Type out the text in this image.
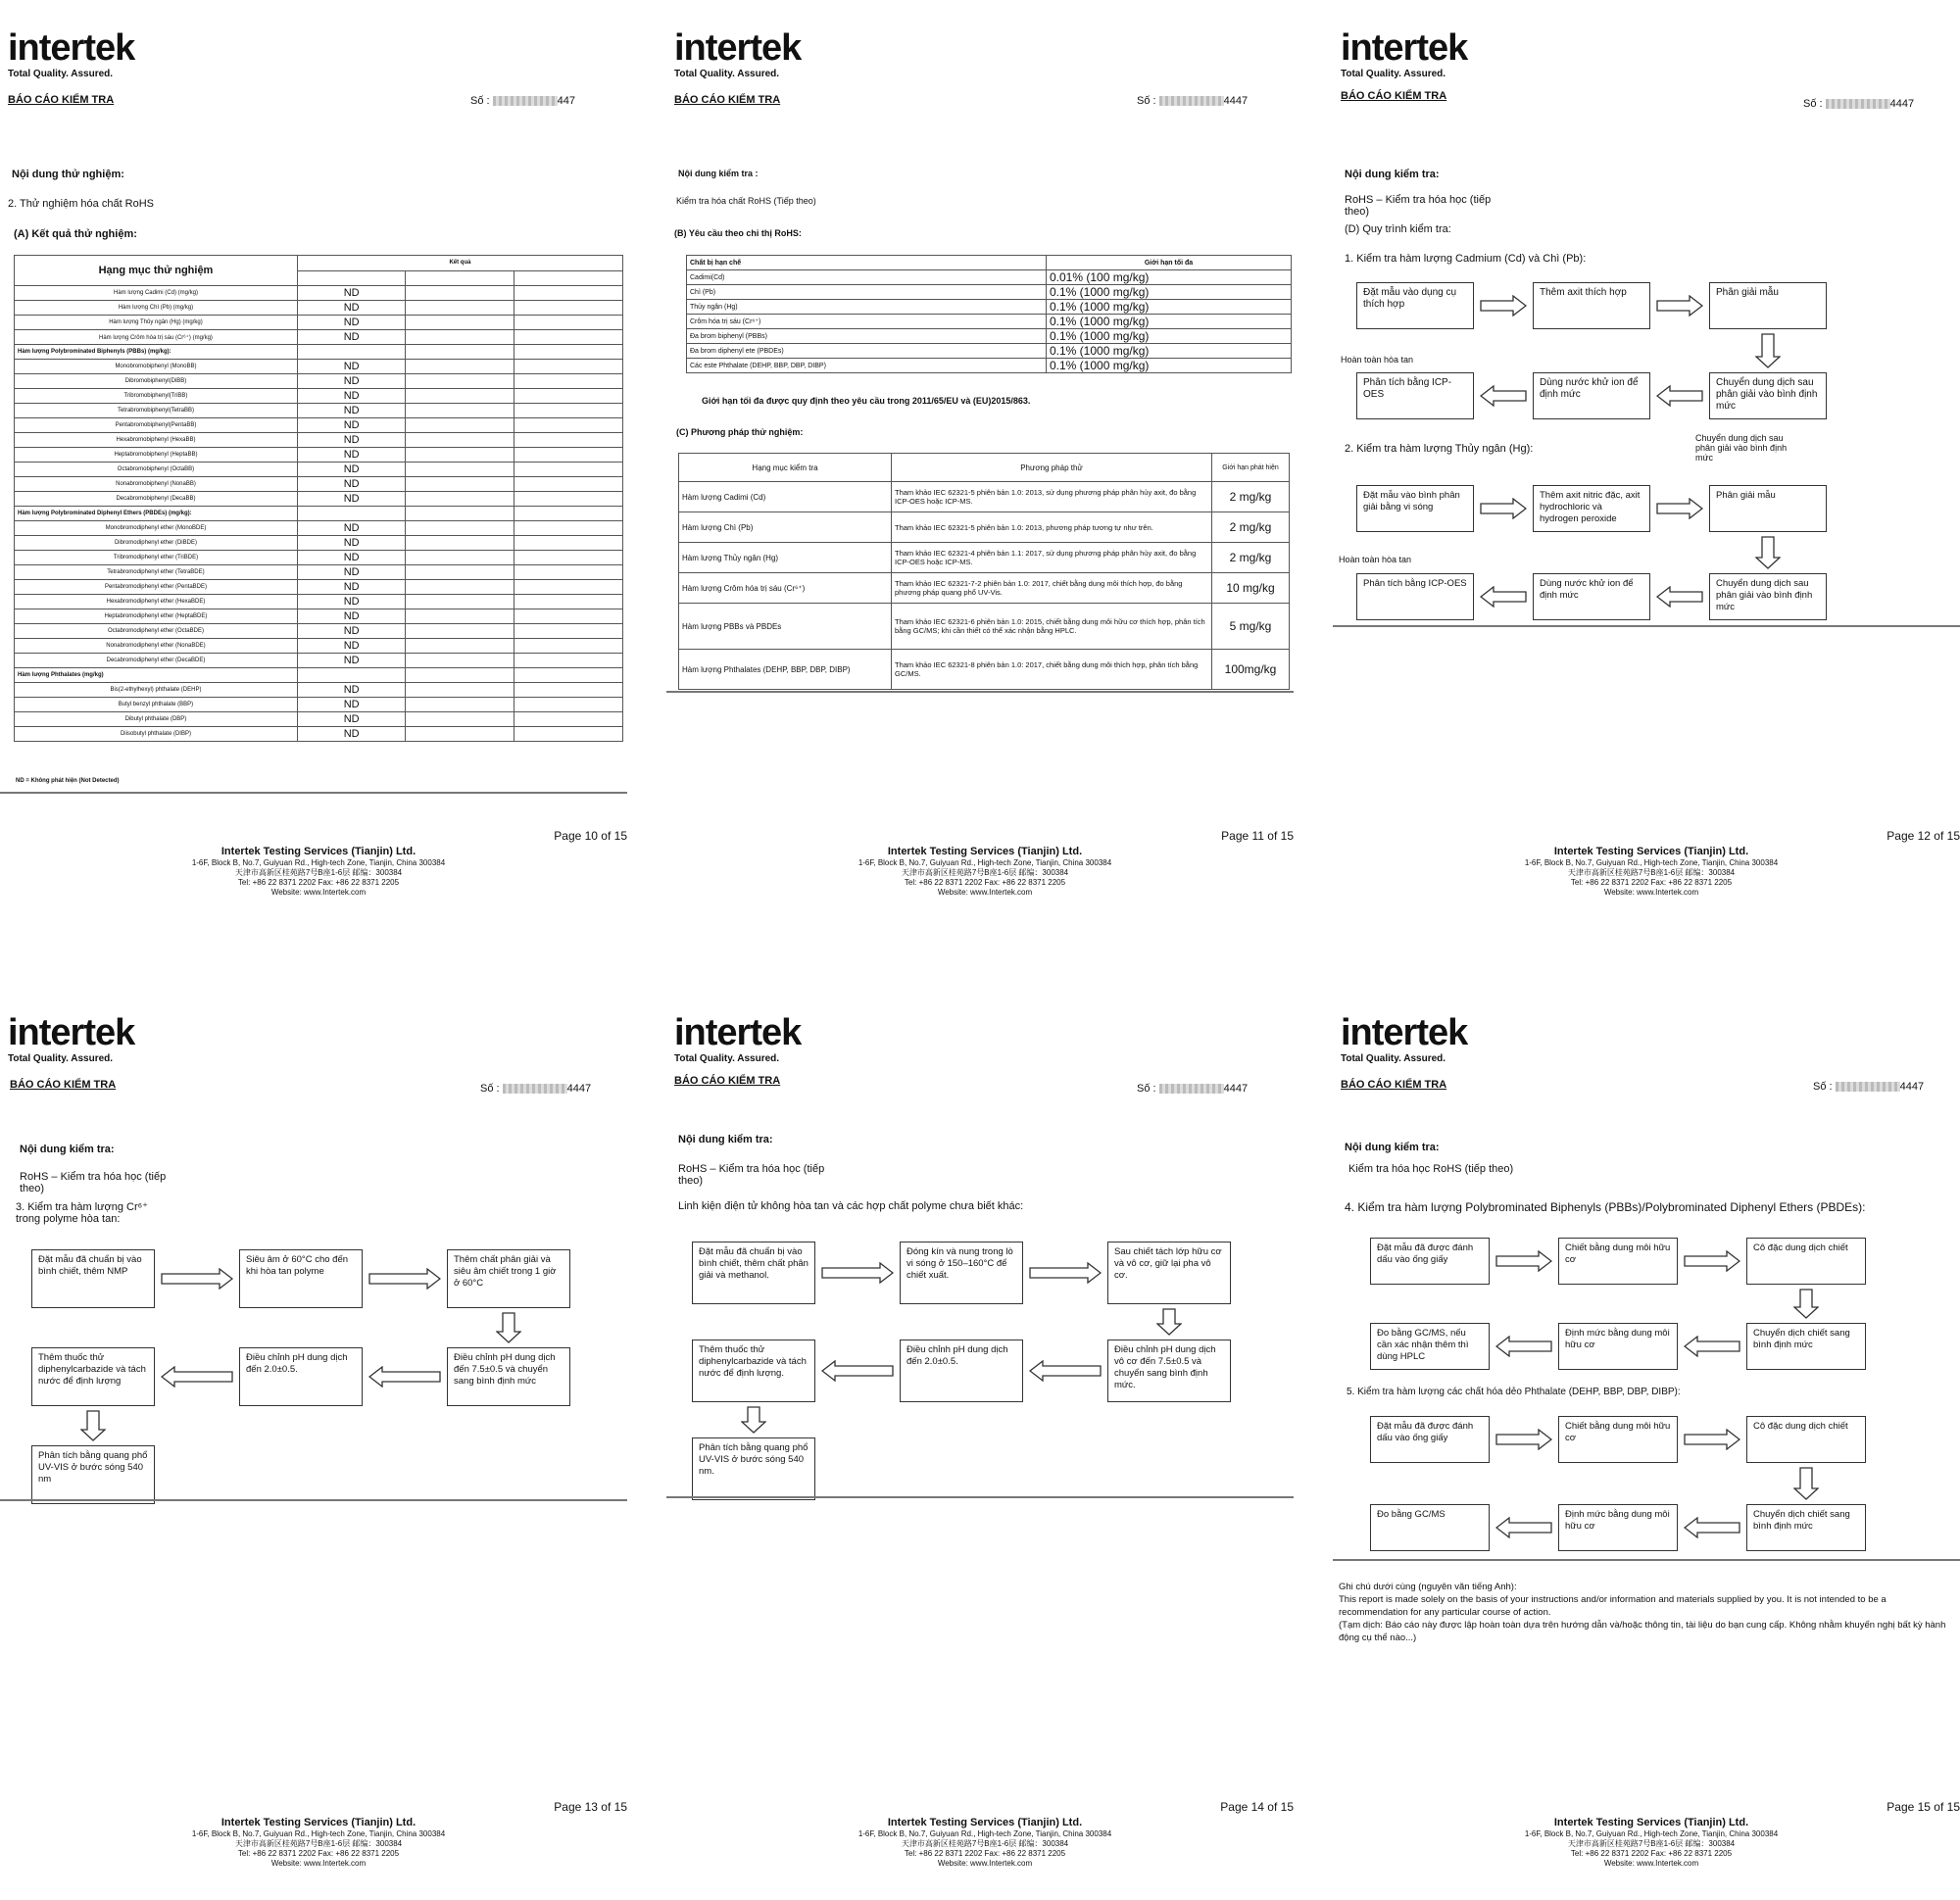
intertek
Total Quality. Assured.
BÁO CÁO KIỂM TRA	Số :	447
Nội dung thử nghiệm:
2. Thử nghiệm hóa chất RoHS
(A) Kết quả thử nghiệm:
Hạng mục thử nghiệm	Kết quả		

Hàm lượng Cadimi (Cd) (mg/kg)	ND		
Hàm lượng Chì (Pb) (mg/kg)	ND		
Hàm lượng Thủy ngân (Hg) (mg/kg)	ND		
Hàm lượng Crôm hóa trị sáu (Cr⁶⁺) (mg/kg)	ND		
Hàm lượng Polybrominated Biphenyls (PBBs) (mg/kg):			
Monobromobiphenyl (MonoBB)	ND		
Dibromobiphenyl(DiBB)	ND		
Tribromobiphenyl(TriBB)	ND		
Tetrabromobiphenyl(TetraBB)	ND		
Pentabromobiphenyl(PentaBB)	ND		
Hexabromobiphenyl (HexaBB)	ND		
Heptabromobiphenyl (HeptaBB)	ND		
Octabromobiphenyl (OctaBB)	ND		
Nonabromobiphenyl (NonaBB)	ND		
Decabromobiphenyl (DecaBB)	ND		
Hàm lượng Polybrominated Diphenyl Ethers (PBDEs) (mg/kg):			
Monobromodiphenyl ether (MonoBDE)	ND		
Dibromodiphenyl ether (DiBDE)	ND		
Tribromodiphenyl ether (TriBDE)	ND		
Tetrabromodiphenyl ether (TetraBDE)	ND		
Pentabromodiphenyl ether (PentaBDE)	ND		
Hexabromodiphenyl ether (HexaBDE)	ND		
Heptabromodiphenyl ether (HeptaBDE)	ND		
Octabromodiphenyl ether (OctaBDE)	ND		
Nonabromodiphenyl ether (NonaBDE)	ND		
Decabromodiphenyl ether (DecaBDE)	ND		
Hàm lượng Phthalates (mg/kg)			
Bis(2-ethylhexyl) phthalate (DEHP)	ND		
Butyl benzyl phthalate (BBP)	ND		
Dibutyl phthalate (DBP)	ND		
Diisobutyl phthalate (DIBP)	ND		
ND = Không phát hiện (Not Detected)
Page 10 of 15
Intertek Testing Services (Tianjin) Ltd.
1-6F, Block B, No.7, Guiyuan Rd., High-tech Zone, Tianjin, China 300384
天津市高新区桂苑路7号B座1-6层 邮编：300384
Tel: +86 22 8371 2202 Fax: +86 22 8371 2205
Website: www.Intertek.com
intertek
Total Quality. Assured.
BÁO CÁO KIỂM TRA	Số :	4447
Nội dung kiểm tra :
Kiểm tra hóa chất RoHS (Tiếp theo)
(B) Yêu cầu theo chỉ thị RoHS:
Chất bị hạn chế	Giới hạn tối đa
Cadimi(Cd)	0.01% (100 mg/kg)
Chì (Pb)	0.1% (1000 mg/kg)
Thủy ngân (Hg)	0.1% (1000 mg/kg)
Crôm hóa trị sáu (Cr⁶⁺)	0.1% (1000 mg/kg)
Đa brom biphenyl (PBBs)	0.1% (1000 mg/kg)
Đa brom diphenyl ete (PBDEs)	0.1% (1000 mg/kg)
Các este Phthalate (DEHP, BBP, DBP, DIBP)	0.1% (1000 mg/kg)
Giới hạn tối đa được quy định theo yêu cầu trong 2011/65/EU và (EU)2015/863.
(C) Phương pháp thử nghiệm:
Hạng mục kiểm tra	Phương pháp thử	Giới hạn phát hiện
Hàm lượng Cadimi (Cd)	Tham khảo IEC 62321-5 phiên bản 1.0: 2013, sử dụng phương pháp phân hủy axit, đo bằng ICP-OES hoặc ICP-MS.	2 mg/kg
Hàm lượng Chì (Pb)	Tham khảo IEC 62321-5 phiên bản 1.0: 2013, phương pháp tương tự như trên.	2 mg/kg
Hàm lượng Thủy ngân (Hg)	Tham khảo IEC 62321-4 phiên bản 1.1: 2017, sử dụng phương pháp phân hủy axit, đo bằng ICP-OES hoặc ICP-MS.	2 mg/kg
Hàm lượng Crôm hóa trị sáu (Cr⁶⁺)	Tham khảo IEC 62321-7-2 phiên bản 1.0: 2017, chiết bằng dung môi thích hợp, đo bằng phương pháp quang phổ UV-Vis.	10 mg/kg
Hàm lượng PBBs và PBDEs	Tham khảo IEC 62321-6 phiên bản 1.0: 2015, chiết bằng dung môi hữu cơ thích hợp, phân tích bằng GC/MS; khi cần thiết có thể xác nhận bằng HPLC.	5 mg/kg
Hàm lượng Phthalates (DEHP, BBP, DBP, DIBP)	Tham khảo IEC 62321-8 phiên bản 1.0: 2017, chiết bằng dung môi thích hợp, phân tích bằng GC/MS.	100mg/kg
Page 11 of 15
Intertek Testing Services (Tianjin) Ltd.
1-6F, Block B, No.7, Guiyuan Rd., High-tech Zone, Tianjin, China 300384
天津市高新区桂苑路7号B座1-6层 邮编：300384
Tel: +86 22 8371 2202 Fax: +86 22 8371 2205
Website: www.Intertek.com
intertek
Total Quality. Assured.
BÁO CÁO KIỂM TRA
Số :	4447
Nội dung kiểm tra:
RoHS – Kiểm tra hóa học (tiếp theo)
(D) Quy trình kiểm tra:
1. Kiểm tra hàm lượng Cadmium (Cd) và Chì (Pb):
Đặt mẫu vào dụng cụ thích hợp
Thêm axit thích hợp	Phân giải mẫu
Chuyển dung dịch sau phân giải vào bình định mức
Dùng nước khử ion để định mức
Phân tích bằng ICP-OES
Hoàn toàn hòa tan
2. Kiểm tra hàm lượng Thủy ngân (Hg):
Chuyển dung dịch sau phân giải vào bình định mức
Đặt mẫu vào bình phân giải bằng vi sóng
Thêm axit nitric đặc, axit hydrochloric và hydrogen peroxide
Phân giải mẫu
Chuyển dung dịch sau phân giải vào bình định mức
Dùng nước khử ion để định mức
Phân tích bằng ICP-OES
Hoàn toàn hòa tan
Page 12 of 15
Intertek Testing Services (Tianjin) Ltd.
1-6F, Block B, No.7, Guiyuan Rd., High-tech Zone, Tianjin, China 300384
天津市高新区桂苑路7号B座1-6层 邮编：300384
Tel: +86 22 8371 2202 Fax: +86 22 8371 2205
Website: www.Intertek.com
intertek
Total Quality. Assured.
BÁO CÁO KIỂM TRA	Số :	4447
Nội dung kiểm tra:
RoHS – Kiểm tra hóa học (tiếp theo)
3. Kiểm tra hàm lượng Cr⁶⁺ trong polyme hòa tan:
Đặt mẫu đã chuẩn bị vào bình chiết, thêm NMP
Siêu âm ở 60°C cho đến khi hòa tan polyme
Thêm chất phân giải và siêu âm chiết trong 1 giờ ở 60°C
Điều chỉnh pH dung dịch đến 7.5±0.5 và chuyển sang bình định mức
Điều chỉnh pH dung dịch đến 2.0±0.5.
Thêm thuốc thử diphenylcarbazide và tách nước để định lượng
Phân tích bằng quang phổ UV-VIS ở bước sóng 540 nm
Page 13 of 15
Intertek Testing Services (Tianjin) Ltd.
1-6F, Block B, No.7, Guiyuan Rd., High-tech Zone, Tianjin, China 300384
天津市高新区桂苑路7号B座1-6层 邮编：300384
Tel: +86 22 8371 2202 Fax: +86 22 8371 2205
Website: www.Intertek.com
intertek
Total Quality. Assured.
BÁO CÁO KIỂM TRA
Số :	4447
Nội dung kiểm tra:
RoHS – Kiểm tra hóa học (tiếp theo)
Linh kiện điện tử không hòa tan và các hợp chất polyme chưa biết khác:
Đặt mẫu đã chuẩn bị vào bình chiết, thêm chất phân giải và methanol.
Đóng kín và nung trong lò vi sóng ở 150–160°C để chiết xuất.
Sau chiết tách lớp hữu cơ và vô cơ, giữ lại pha vô cơ.
Điều chỉnh pH dung dịch vô cơ đến 7.5±0.5 và chuyển sang bình định mức.
Điều chỉnh pH dung dịch đến 2.0±0.5.
Thêm thuốc thử diphenylcarbazide và tách nước để định lượng.
Phân tích bằng quang phổ UV-VIS ở bước sóng 540 nm.
Page 14 of 15
Intertek Testing Services (Tianjin) Ltd.
1-6F, Block B, No.7, Guiyuan Rd., High-tech Zone, Tianjin, China 300384
天津市高新区桂苑路7号B座1-6层 邮编：300384
Tel: +86 22 8371 2202 Fax: +86 22 8371 2205
Website: www.Intertek.com
intertek
Total Quality. Assured.
BÁO CÁO KIỂM TRA	Số :	4447
Nội dung kiểm tra:
Kiểm tra hóa học RoHS (tiếp theo)
4. Kiểm tra hàm lượng Polybrominated Biphenyls (PBBs)/Polybrominated Diphenyl Ethers (PBDEs):
Đặt mẫu đã được đánh dấu vào ống giấy
Chiết bằng dung môi hữu cơ
Cô đặc dung dịch chiết
Chuyển dịch chiết sang bình định mức
Định mức bằng dung môi hữu cơ
Đo bằng GC/MS, nếu cần xác nhận thêm thì dùng HPLC
5. Kiểm tra hàm lượng các chất hóa dẻo Phthalate (DEHP, BBP, DBP, DIBP):
Đặt mẫu đã được đánh dấu vào ống giấy
Chiết bằng dung môi hữu cơ
Cô đặc dung dịch chiết
Chuyển dịch chiết sang bình định mức
Định mức bằng dung môi hữu cơ
Đo bằng GC/MS
Ghi chú dưới cùng (nguyên văn tiếng Anh):
This report is made solely on the basis of your instructions and/or information and materials supplied by you. It is not intended to be a recommendation for any particular course of action.
(Tạm dịch: Báo cáo này được lập hoàn toàn dựa trên hướng dẫn và/hoặc thông tin, tài liệu do bạn cung cấp. Không nhằm khuyến nghị bất kỳ hành động cụ thể nào...)
Page 15 of 15
Intertek Testing Services (Tianjin) Ltd.
1-6F, Block B, No.7, Guiyuan Rd., High-tech Zone, Tianjin, China 300384
天津市高新区桂苑路7号B座1-6层 邮编：300384
Tel: +86 22 8371 2202 Fax: +86 22 8371 2205
Website: www.Intertek.com
